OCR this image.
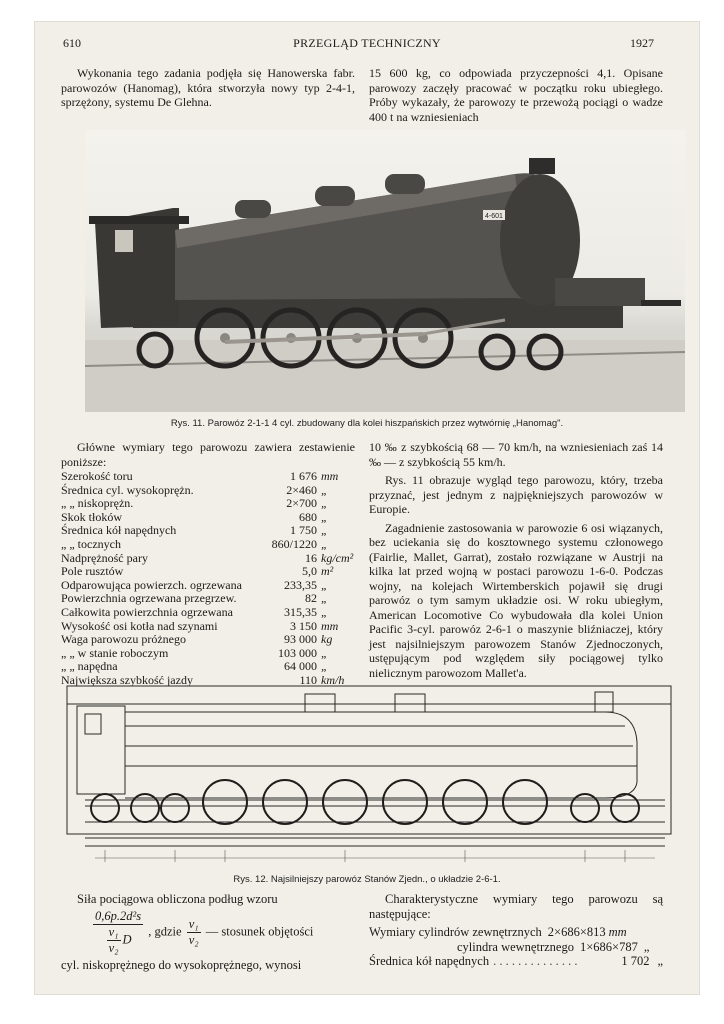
610	PRZEGLĄD TECHNICZNY	1927

Wykonania tego zadania podjęła się Hanowerska fabr. parowozów (Hanomag), która stworzyła nowy typ 2-4-1, sprzężony, systemu De Glehna.

15 600 kg, co odpowiada przyczepności 4,1. Opisane parowozy zaczęły pracować w początku roku ubiegłego. Próby wykazały, że parowozy te przewożą pociągi o wadze 400 t na wzniesieniach

4-601
Rys. 11. Parowóz 2-1-1 4 cyl. zbudowany dla kolei hiszpańskich przez wytwórnię „Hanomag".

Główne wymiary tego parowozu zawiera zestawienie poniższe:

Szerokość toru		1 676	mm
Średnica cyl. wysokoprężn.		2×460	„
„ „ niskoprężn.		2×700	„
Skok tłoków		680	„
Średnica kół napędnych		1 750	„
„ „ tocznych		860/1220	„
Nadprężność pary		16	kg/cm²
Pole rusztów		5,0	m²
Odparowująca powierzch. ogrzewana		233,35	„
Powierzchnia ogrzewana przegrzew.		82	„
Całkowita powierzchnia ogrzewana		315,35	„
Wysokość osi kotła nad szynami		3 150	mm
Waga parowozu próżnego		93 000	kg
„ „ w stanie roboczym		103 000	„
„ „ napędna		64 000	„
Największa szybkość jazdy		110	km/h

10 ‰ z szybkością 68 — 70 km/h, na wzniesieniach zaś 14 ‰ — z szybkością 55 km/h.

Rys. 11 obrazuje wygląd tego parowozu, który, trzeba przyznać, jest jednym z najpiękniejszych parowozów w Europie.

Zagadnienie zastosowania w parowozie 6 osi wiązanych, bez uciekania się do kosztownego systemu członowego (Fairlie, Mallet, Garrat), zostało rozwiązane w Austrji na kilka lat przed wojną w postaci parowozu 1-6-0. Podczas wojny, na kolejach Wirtemberskich pojawił się drugi parowóz o tym samym układzie osi. W roku ubiegłym, American Locomotive Co wybudowała dla kolei Union Pacific 3-cyl. parowóz 2-6-1 o maszynie bliźniaczej, który jest najsilniejszym parowozem Stanów Zjednoczonych, ustępującym pod względem siły pociągowej tylko nielicznym parowozom Mallet'a.

Rys. 12. Najsilniejszy parowóz Stanów Zjedn., o układzie 2-6-1.
Siła pociągowa obliczona podług wzoru
$\frac{\text{0,6p.2d²s}}{\frac{\text{v₁}}{\text{v₂}} D}$ , gdzie $\frac{\text{v₁}}{\text{v₂}}$ — stosunek objętości
cyl. niskoprężnego do wysokoprężnego, wynosi

Charakterystyczne wymiary tego parowozu są następujące:

Wymiary cylindrów zewnętrznych 2×686×813 mm
cylindra wewnętrznego 1×686×787 „
Średnica kół napędnych . . . . . . . . . . . . . .	1 702 „
